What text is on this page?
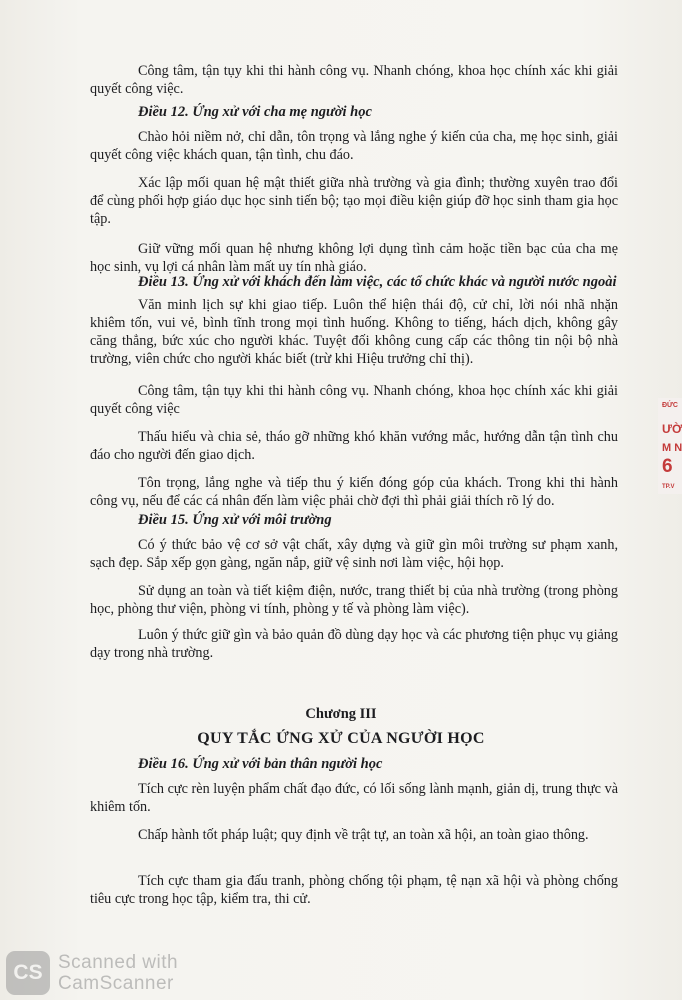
Công tâm, tận tụy khi thi hành công vụ. Nhanh chóng, khoa học chính xác khi giải quyết công việc.

Điều 12. Ứng xử với cha mẹ người học

Chào hỏi niềm nở, chỉ dẫn, tôn trọng và lắng nghe ý kiến của cha, mẹ học sinh, giải quyết công việc khách quan, tận tình, chu đáo.

Xác lập mối quan hệ mật thiết giữa nhà trường và gia đình; thường xuyên trao đổi để cùng phối hợp giáo dục học sinh tiến bộ; tạo mọi điều kiện giúp đỡ học sinh tham gia học tập.

Giữ vững mối quan hệ nhưng không lợi dụng tình cảm hoặc tiền bạc của cha mẹ học sinh, vụ lợi cá nhân làm mất uy tín nhà giáo.

Điều 13. Ứng xử với khách đến làm việc, các tổ chức khác và người nước ngoài

Văn minh lịch sự khi giao tiếp. Luôn thể hiện thái độ, cử chỉ, lời nói nhã nhặn khiêm tốn, vui vẻ, bình tĩnh trong mọi tình huống. Không to tiếng, hách dịch, không gây căng thẳng, bức xúc cho người khác. Tuyệt đối không cung cấp các thông tin nội bộ nhà trường, viên chức cho người khác biết (trừ khi Hiệu trưởng chỉ thị).

Công tâm, tận tụy khi thi hành công vụ. Nhanh chóng, khoa học chính xác khi giải quyết công việc

Thấu hiểu và chia sẻ, tháo gỡ những khó khăn vướng mắc, hướng dẫn tận tình chu đáo cho người đến giao dịch.

Tôn trọng, lắng nghe và tiếp thu ý kiến đóng góp của khách. Trong khi thi hành công vụ, nếu để các cá nhân đến làm việc phải chờ đợi thì phải giải thích rõ lý do.

Điều 15. Ứng xử với môi trường

Có ý thức bảo vệ cơ sở vật chất, xây dựng và giữ gìn môi trường sư phạm xanh, sạch đẹp. Sắp xếp gọn gàng, ngăn nắp, giữ vệ sinh nơi làm việc, hội họp.

Sử dụng an toàn và tiết kiệm điện, nước, trang thiết bị của nhà trường (trong phòng học, phòng thư viện, phòng vi tính, phòng y tế và phòng làm việc).

Luôn ý thức giữ gìn và bảo quản đồ dùng dạy học và các phương tiện phục vụ giảng dạy trong nhà trường.

Chương III
QUY TẮC ỨNG XỬ CỦA NGƯỜI HỌC
Điều 16. Ứng xử với bản thân người học

Tích cực rèn luyện phẩm chất đạo đức, có lối sống lành mạnh, giản dị, trung thực và khiêm tốn.

Chấp hành tốt pháp luật; quy định về trật tự, an toàn xã hội, an toàn giao thông.

Tích cực tham gia đấu tranh, phòng chống tội phạm, tệ nạn xã hội và phòng chống tiêu cực trong học tập, kiểm tra, thi cử.

ĐỨC
ƯỜ
M N
6
TP.V
CS Scanned with
CamScanner
